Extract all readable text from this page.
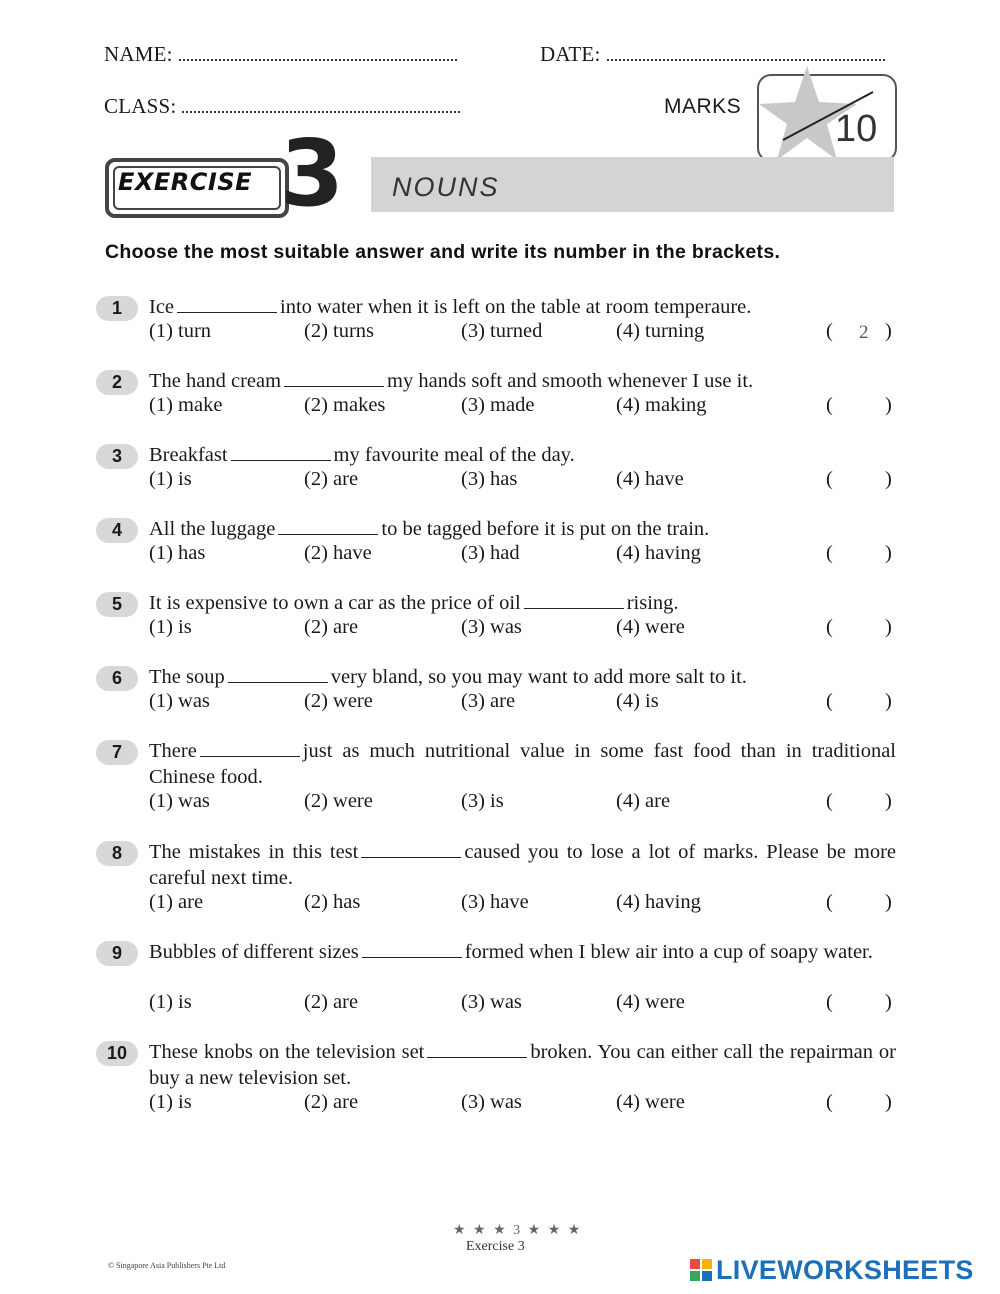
NAME:	DATE:
CLASS:	MARKS
10
EXERCISE 3 NOUNS
Choose the most suitable answer and write its number in the brackets.
1	Ice	into water when it is left on the table at room temperaure.
(1) turn	(2) turns	(3) turned	(4) turning	(	)
2
2	The hand cream	my hands soft and smooth whenever I use it.
(1) make	(2) makes	(3) made	(4) making	(	)
3	Breakfast	my favourite meal of the day.
(1) is	(2) are	(3) has	(4) have	(	)
4	All the luggage	to be tagged before it is put on the train.
(1) has	(2) have	(3) had	(4) having	(	)
5	It is expensive to own a car as the price of oil	rising.
(1) is	(2) are	(3) was	(4) were	(	)
6	The soup	very bland, so you may want to add more salt to it.
(1) was	(2) were	(3) are	(4) is	(	)
7	There	just as much nutritional value in some fast food than in traditional Chinese food.
(1) was	(2) were	(3) is	(4) are	(	)
8	The mistakes in this test	caused you to lose a lot of marks. Please be more careful next time.
(1) are	(2) has	(3) have	(4) having	(	)
9	Bubbles of different sizes	formed when I blew air into a cup of soapy water.
(1) is	(2) are	(3) was	(4) were	(	)
10	These knobs on the television set	broken. You can either call the repairman or buy a new television set.
(1) is	(2) are	(3) was	(4) were	(	)
★ ★ ★ 3 ★ ★ ★
Exercise 3
© Singapore Asia Publishers Pte Ltd	LIVEWORKSHEETS
